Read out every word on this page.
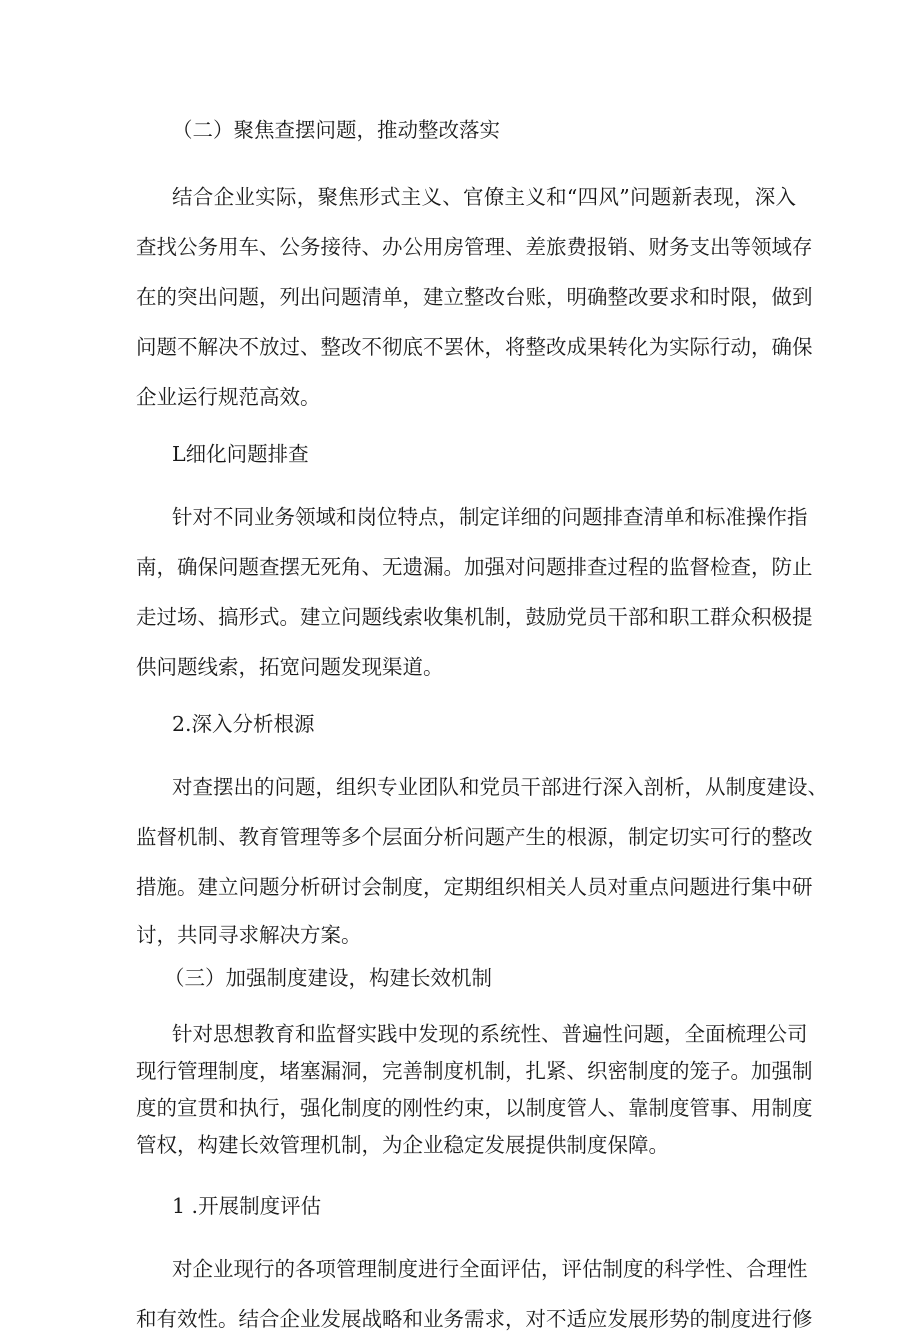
（二）聚焦查摆问题，推动整改落实

结合企业实际，聚焦形式主义、官僚主义和“四风”问题新表现，深入

查找公务用车、公务接待、办公用房管理、差旅费报销、财务支出等领域存

在的突出问题，列出问题清单，建立整改台账，明确整改要求和时限，做到

问题不解决不放过、整改不彻底不罢休，将整改成果转化为实际行动，确保

企业运行规范高效。

L细化问题排查

针对不同业务领域和岗位特点，制定详细的问题排查清单和标准操作指

南，确保问题查摆无死角、无遗漏。加强对问题排查过程的监督检查，防止

走过场、搞形式。建立问题线索收集机制，鼓励党员干部和职工群众积极提

供问题线索，拓宽问题发现渠道。

2.深入分析根源

对查摆出的问题，组织专业团队和党员干部进行深入剖析，从制度建设、

监督机制、教育管理等多个层面分析问题产生的根源，制定切实可行的整改

措施。建立问题分析研讨会制度，定期组织相关人员对重点问题进行集中研

讨，共同寻求解决方案。

（三）加强制度建设，构建长效机制

针对思想教育和监督实践中发现的系统性、普遍性问题，全面梳理公司

现行管理制度，堵塞漏洞，完善制度机制，扎紧、织密制度的笼子。加强制

度的宣贯和执行，强化制度的刚性约束，以制度管人、靠制度管事、用制度

管权，构建长效管理机制，为企业稳定发展提供制度保障。

1 .开展制度评估

对企业现行的各项管理制度进行全面评估，评估制度的科学性、合理性

和有效性。结合企业发展战略和业务需求，对不适应发展形势的制度进行修
